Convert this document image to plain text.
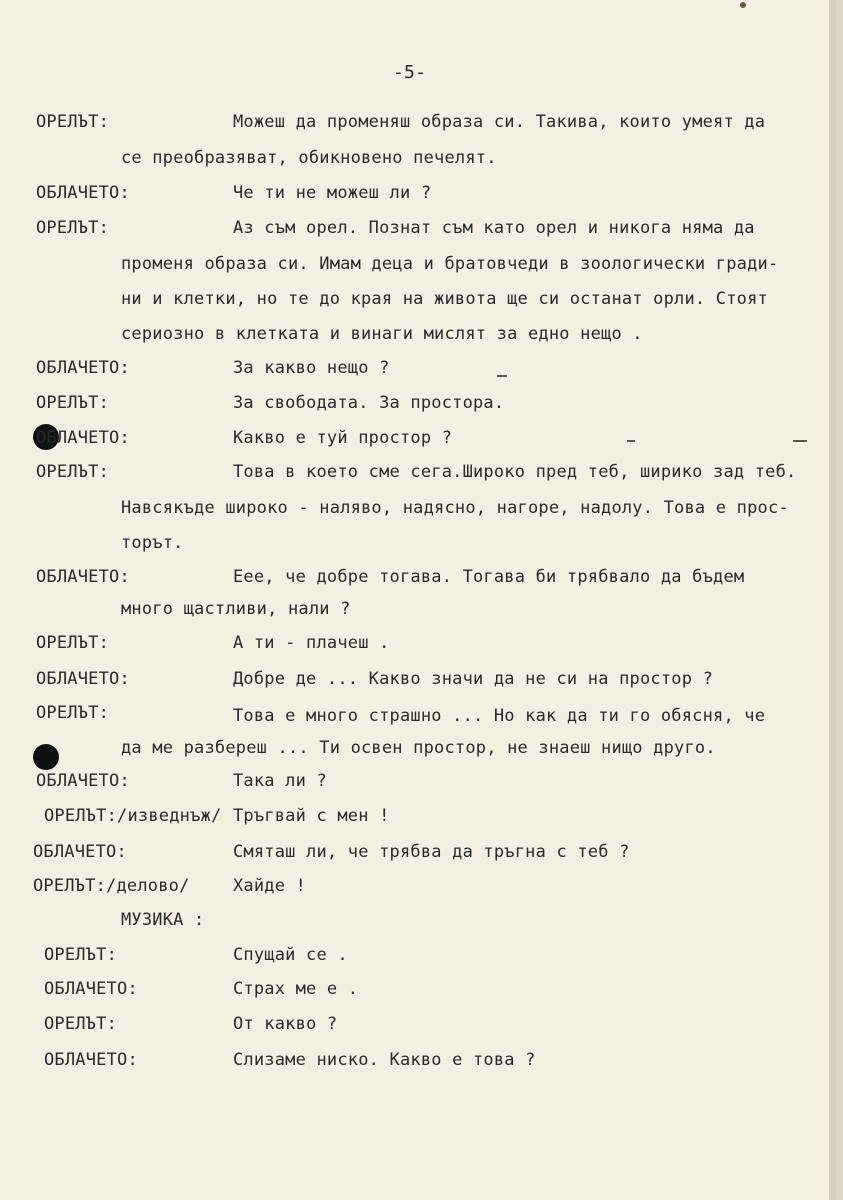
-5-
ОРЕЛЪТ:	Можеш да променяш образа си. Такива, които умеят да
се преобразяват, обикновено печелят.
ОБЛАЧЕТО:	Че ти не можеш ли ?
ОРЕЛЪТ:	Аз съм орел. Познат съм като орел и никога няма да
променя образа си. Имам деца и братовчеди в зоологически гради-
ни и клетки, но те до края на живота ще си останат орли. Стоят
сериозно в клетката и винаги мислят за едно нещо .
ОБЛАЧЕТО:	За какво нещо ?
ОРЕЛЪТ:	За свободата. За простора.
ОБЛАЧЕТО:	Какво е туй простор ?
ОРЕЛЪТ:	Това в което сме сега.Широко пред теб, ширико зад теб.
Навсякъде широко - наляво, надясно, нагоре, надолу. Това е прос-
торът.
ОБЛАЧЕТО:	Еее, че добре тогава. Тогава би трябвало да бъдем
много щастливи, нали ?
ОРЕЛЪТ:	А ти - плачеш .
ОБЛАЧЕТО:	Добре де ... Какво значи да не си на простор ?
ОРЕЛЪТ:	Това е много страшно ... Но как да ти го обясня, че
да ме разбереш ... Ти освен простор, не знаеш нищо друго.
ОБЛАЧЕТО:	Така ли ?
ОРЕЛЪТ:/изведнъж/ Тръгвай с мен !
ОБЛАЧЕТО:	Смяташ ли, че трябва да тръгна с теб ?
ОРЕЛЪТ:/делово/	Хайде !
МУЗИКА :
ОРЕЛЪТ:	Спущай се .
ОБЛАЧЕТО:	Страх ме е .
ОРЕЛЪТ:	От какво ?
ОБЛАЧЕТО:	Слизаме ниско. Какво е това ?
